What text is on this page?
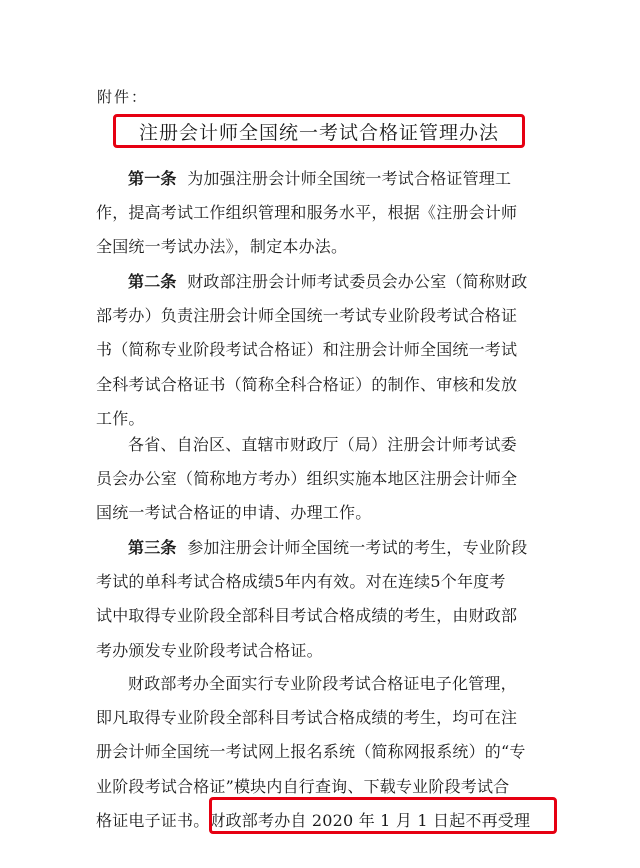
附件：
注册会计师全国统一考试合格证管理办法
第一条 为加强注册会计师全国统一考试合格证管理工
作，提高考试工作组织管理和服务水平，根据《注册会计师
全国统一考试办法》，制定本办法。
第二条 财政部注册会计师考试委员会办公室（简称财政
部考办）负责注册会计师全国统一考试专业阶段考试合格证
书（简称专业阶段考试合格证）和注册会计师全国统一考试
全科考试合格证书（简称全科合格证）的制作、审核和发放
工作。
各省、自治区、直辖市财政厅（局）注册会计师考试委
员会办公室（简称地方考办）组织实施本地区注册会计师全
国统一考试合格证的申请、办理工作。
第三条 参加注册会计师全国统一考试的考生，专业阶段
考试的单科考试合格成绩5年内有效。对在连续5个年度考
试中取得专业阶段全部科目考试合格成绩的考生，由财政部
考办颁发专业阶段考试合格证。
财政部考办全面实行专业阶段考试合格证电子化管理，
即凡取得专业阶段全部科目考试合格成绩的考生，均可在注
册会计师全国统一考试网上报名系统（简称网报系统）的“专
业阶段考试合格证”模块内自行查询、下载专业阶段考试合
格证电子证书。财政部考办自 2020 年 1 月 1 日起不再受理
